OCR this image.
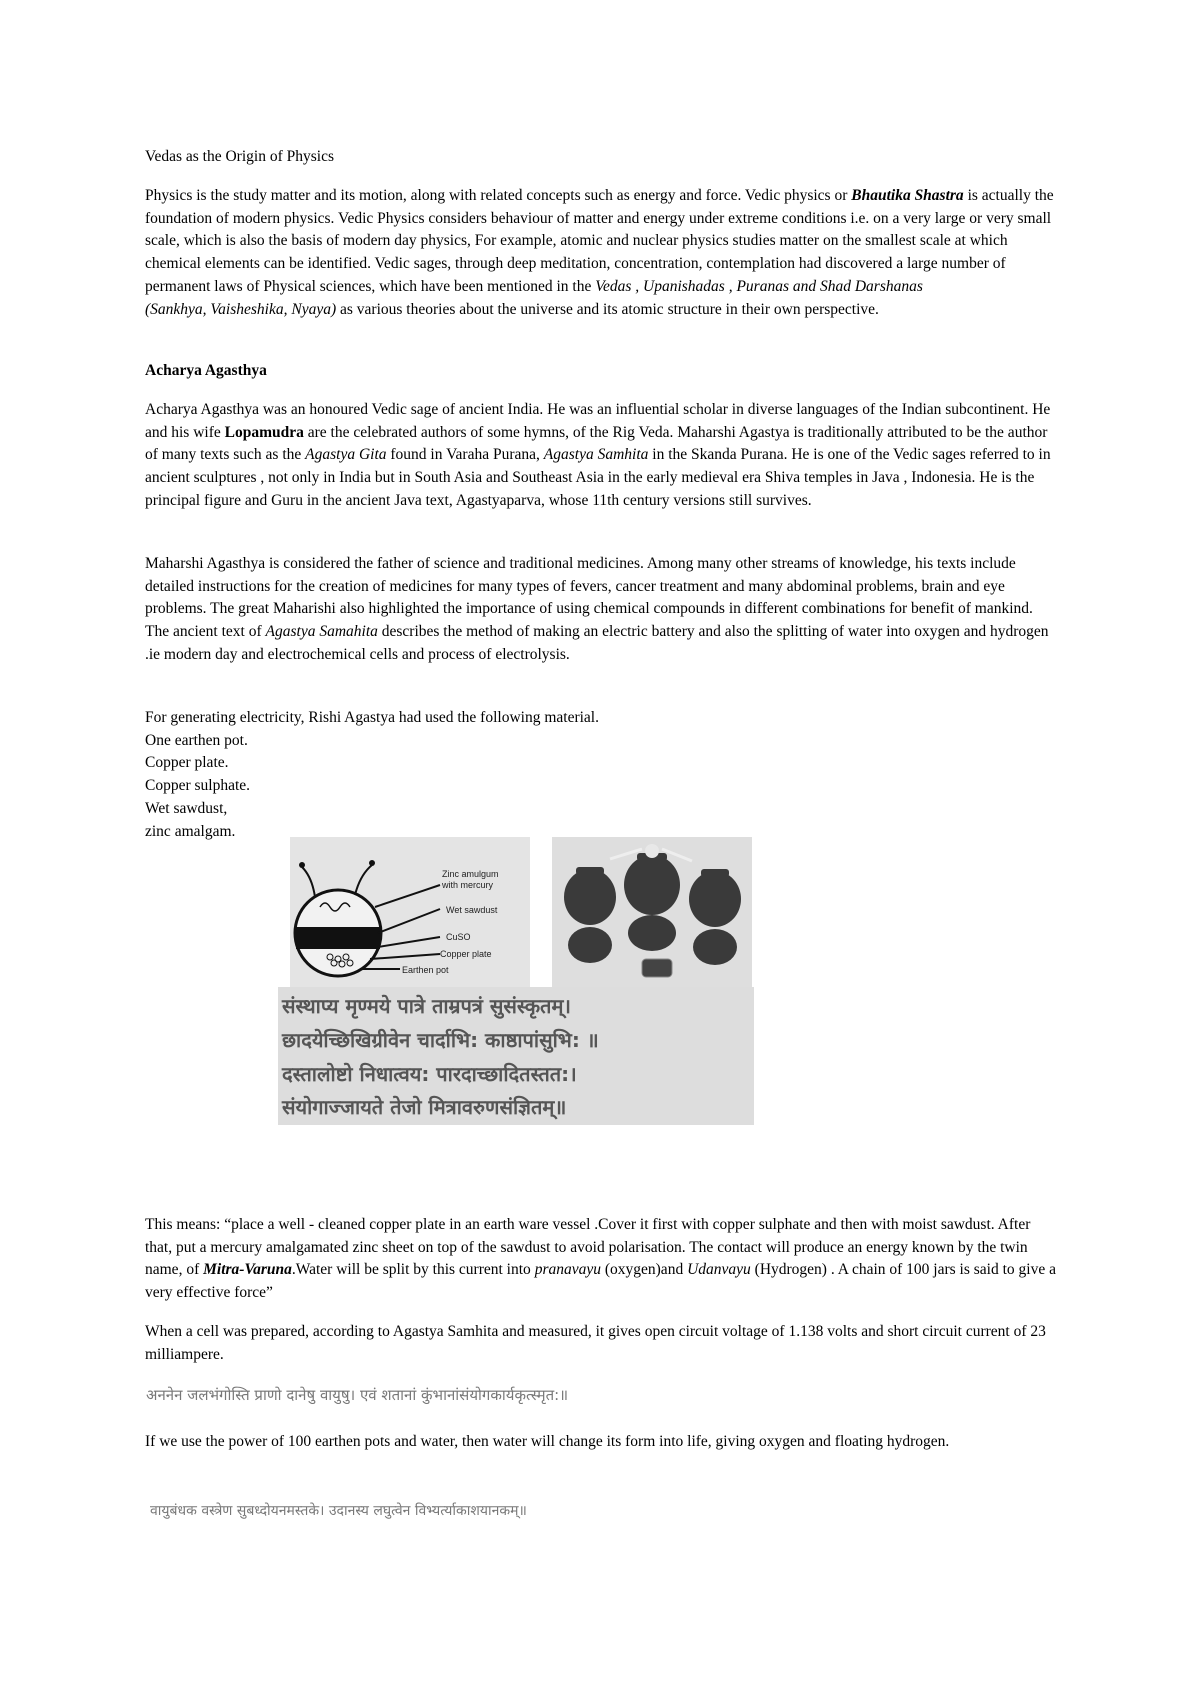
Vedas as the Origin of Physics

Physics is the study matter and its motion, along with related concepts such as energy and force. Vedic physics or Bhautika Shastra is actually the foundation of modern physics. Vedic Physics considers behaviour of matter and energy under extreme conditions i.e. on a very large or very small scale, which is also the basis of modern day physics, For example, atomic and nuclear physics studies matter on the smallest scale at which chemical elements can be identified. Vedic sages, through deep meditation, concentration, contemplation had discovered a large number of permanent laws of Physical sciences, which have been mentioned in the Vedas , Upanishadas , Puranas and Shad Darshanas
(Sankhya, Vaisheshika, Nyaya) as various theories about the universe and its atomic structure in their own perspective.

Acharya Agasthya

Acharya Agasthya was an honoured Vedic sage of ancient India. He was an influential scholar in diverse languages of the Indian subcontinent. He and his wife Lopamudra are the celebrated authors of some hymns, of the Rig Veda. Maharshi Agastya is traditionally attributed to be the author of many texts such as the Agastya Gita found in Varaha Purana, Agastya Samhita in the Skanda Purana. He is one of the Vedic sages referred to in ancient sculptures , not only in India but in South Asia and Southeast Asia in the early medieval era Shiva temples in Java , Indonesia. He is the principal figure and Guru in the ancient Java text, Agastyaparva, whose 11th century versions still survives.

Maharshi Agasthya is considered the father of science and traditional medicines. Among many other streams of knowledge, his texts include detailed instructions for the creation of medicines for many types of fevers, cancer treatment and many abdominal problems, brain and eye problems. The great Maharishi also highlighted the importance of using chemical compounds in different combinations for benefit of mankind. The ancient text of Agastya Samahita describes the method of making an electric battery and also the splitting of water into oxygen and hydrogen .ie modern day and electrochemical cells and process of electrolysis.

For generating electricity, Rishi Agastya had used the following material.

One earthen pot.

Copper plate.

Copper sulphate.

Wet sawdust,

zinc amalgam.

Zinc amulgum
with mercury
Wet sawdust
CuSO
Copper plate
Earthen pot
संस्थाप्य मृण्मये पात्रे ताम्रपत्रं सुसंस्कृतम्।
छादयेच्छिखिग्रीवेन चार्दाभि: काष्ठापांसुभि: ॥
दस्तालोष्टो निधात्वय: पारदाच्छादितस्तत:।
संयोगाज्जायते तेजो मित्रावरुणसंज्ञितम्॥

This means: “place a well - cleaned copper plate in an earth ware vessel .Cover it first with copper sulphate and then with moist sawdust. After that, put a mercury amalgamated zinc sheet on top of the sawdust to avoid polarisation. The contact will produce an energy known by the twin name, of Mitra-Varuna.Water will be split by this current into pranavayu (oxygen)and Udanvayu (Hydrogen) . A chain of 100 jars is said to give a very effective force”

When a cell was prepared, according to Agastya Samhita and measured, it gives open circuit voltage of 1.138 volts and short circuit current of 23 milliampere.

अननेन जलभंगोस्ति प्राणो दानेषु वायुषु। एवं शतानां कुंभानांसंयोगकार्यकृत्स्मृत:॥

If we use the power of 100 earthen pots and water, then water will change its form into life, giving oxygen and floating hydrogen.

वायुबंधक वस्त्रेण सुबध्दोयनमस्तके। उदानस्य लघुत्वेन विभ्यर्त्याकाशयानकम्॥
